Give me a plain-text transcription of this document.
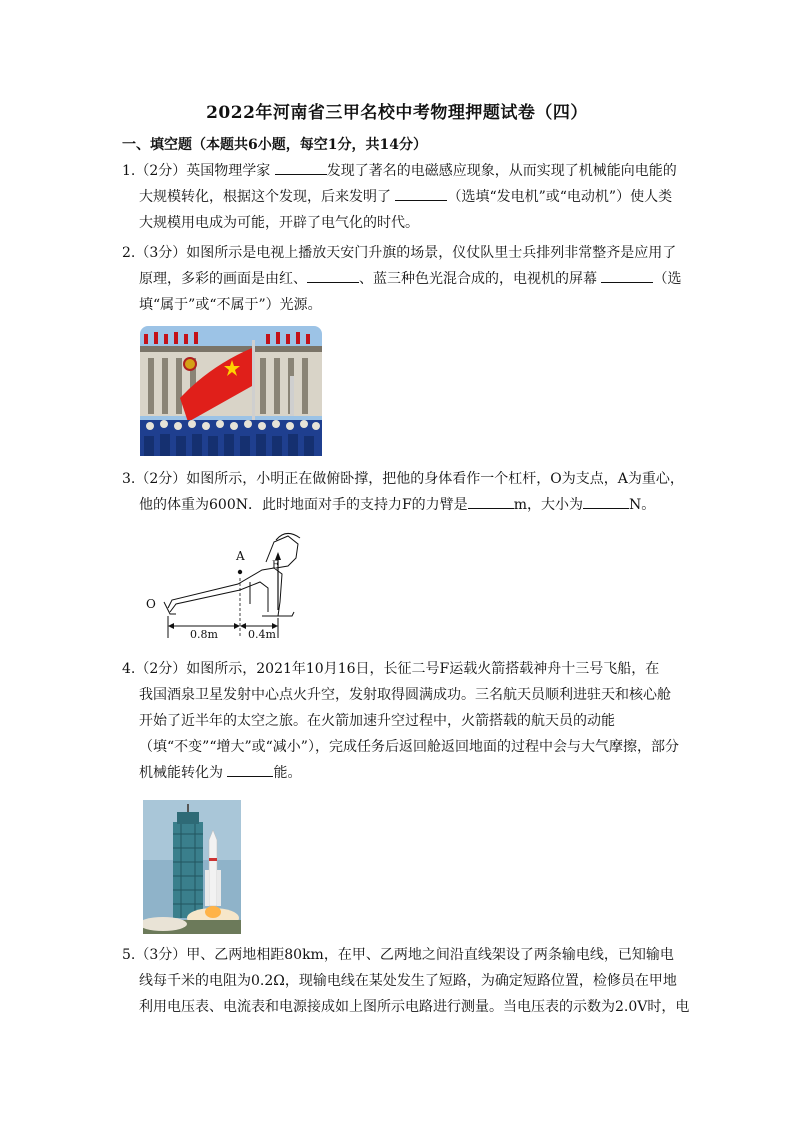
2022年河南省三甲名校中考物理押题试卷（四）
一、填空题（本题共6小题，每空1分，共14分）
1.（2分）英国物理学家	发现了著名的电磁感应现象，从而实现了机械能向电能的
大规模转化，根据这个发现，后来发明了	（选填“发电机”或“电动机”）使人类
大规模用电成为可能，开辟了电气化的时代。
2.（3分）如图所示是电视上播放天安门升旗的场景，仪仗队里士兵排列非常整齐是应用了
原理，多彩的画面是由红、	、蓝三种色光混合成的，电视机的屏幕	（选
填“属于”或“不属于”）光源。
3.（2分）如图所示，小明正在做俯卧撑，把他的身体看作一个杠杆，O为支点，A为重心，
他的体重为600N．此时地面对手的支持力F的力臂是	m，大小为	N。
A
F
O
0.8m	0.4m
4.（2分）如图所示，2021年10月16日，长征二号F运载火箭搭载神舟十三号飞船，在
我国酒泉卫星发射中心点火升空，发射取得圆满成功。三名航天员顺利进驻天和核心舱
开始了近半年的太空之旅。在火箭加速升空过程中，火箭搭载的航天员的动能
（填“不变”“增大”或“减小”），完成任务后返回舱返回地面的过程中会与大气摩擦，部分
机械能转化为	能。
5.（3分）甲、乙两地相距80km，在甲、乙两地之间沿直线架设了两条输电线，已知输电
线每千米的电阻为0.2Ω，现输电线在某处发生了短路，为确定短路位置，检修员在甲地
利用电压表、电流表和电源接成如上图所示电路进行测量。当电压表的示数为2.0V时，电
